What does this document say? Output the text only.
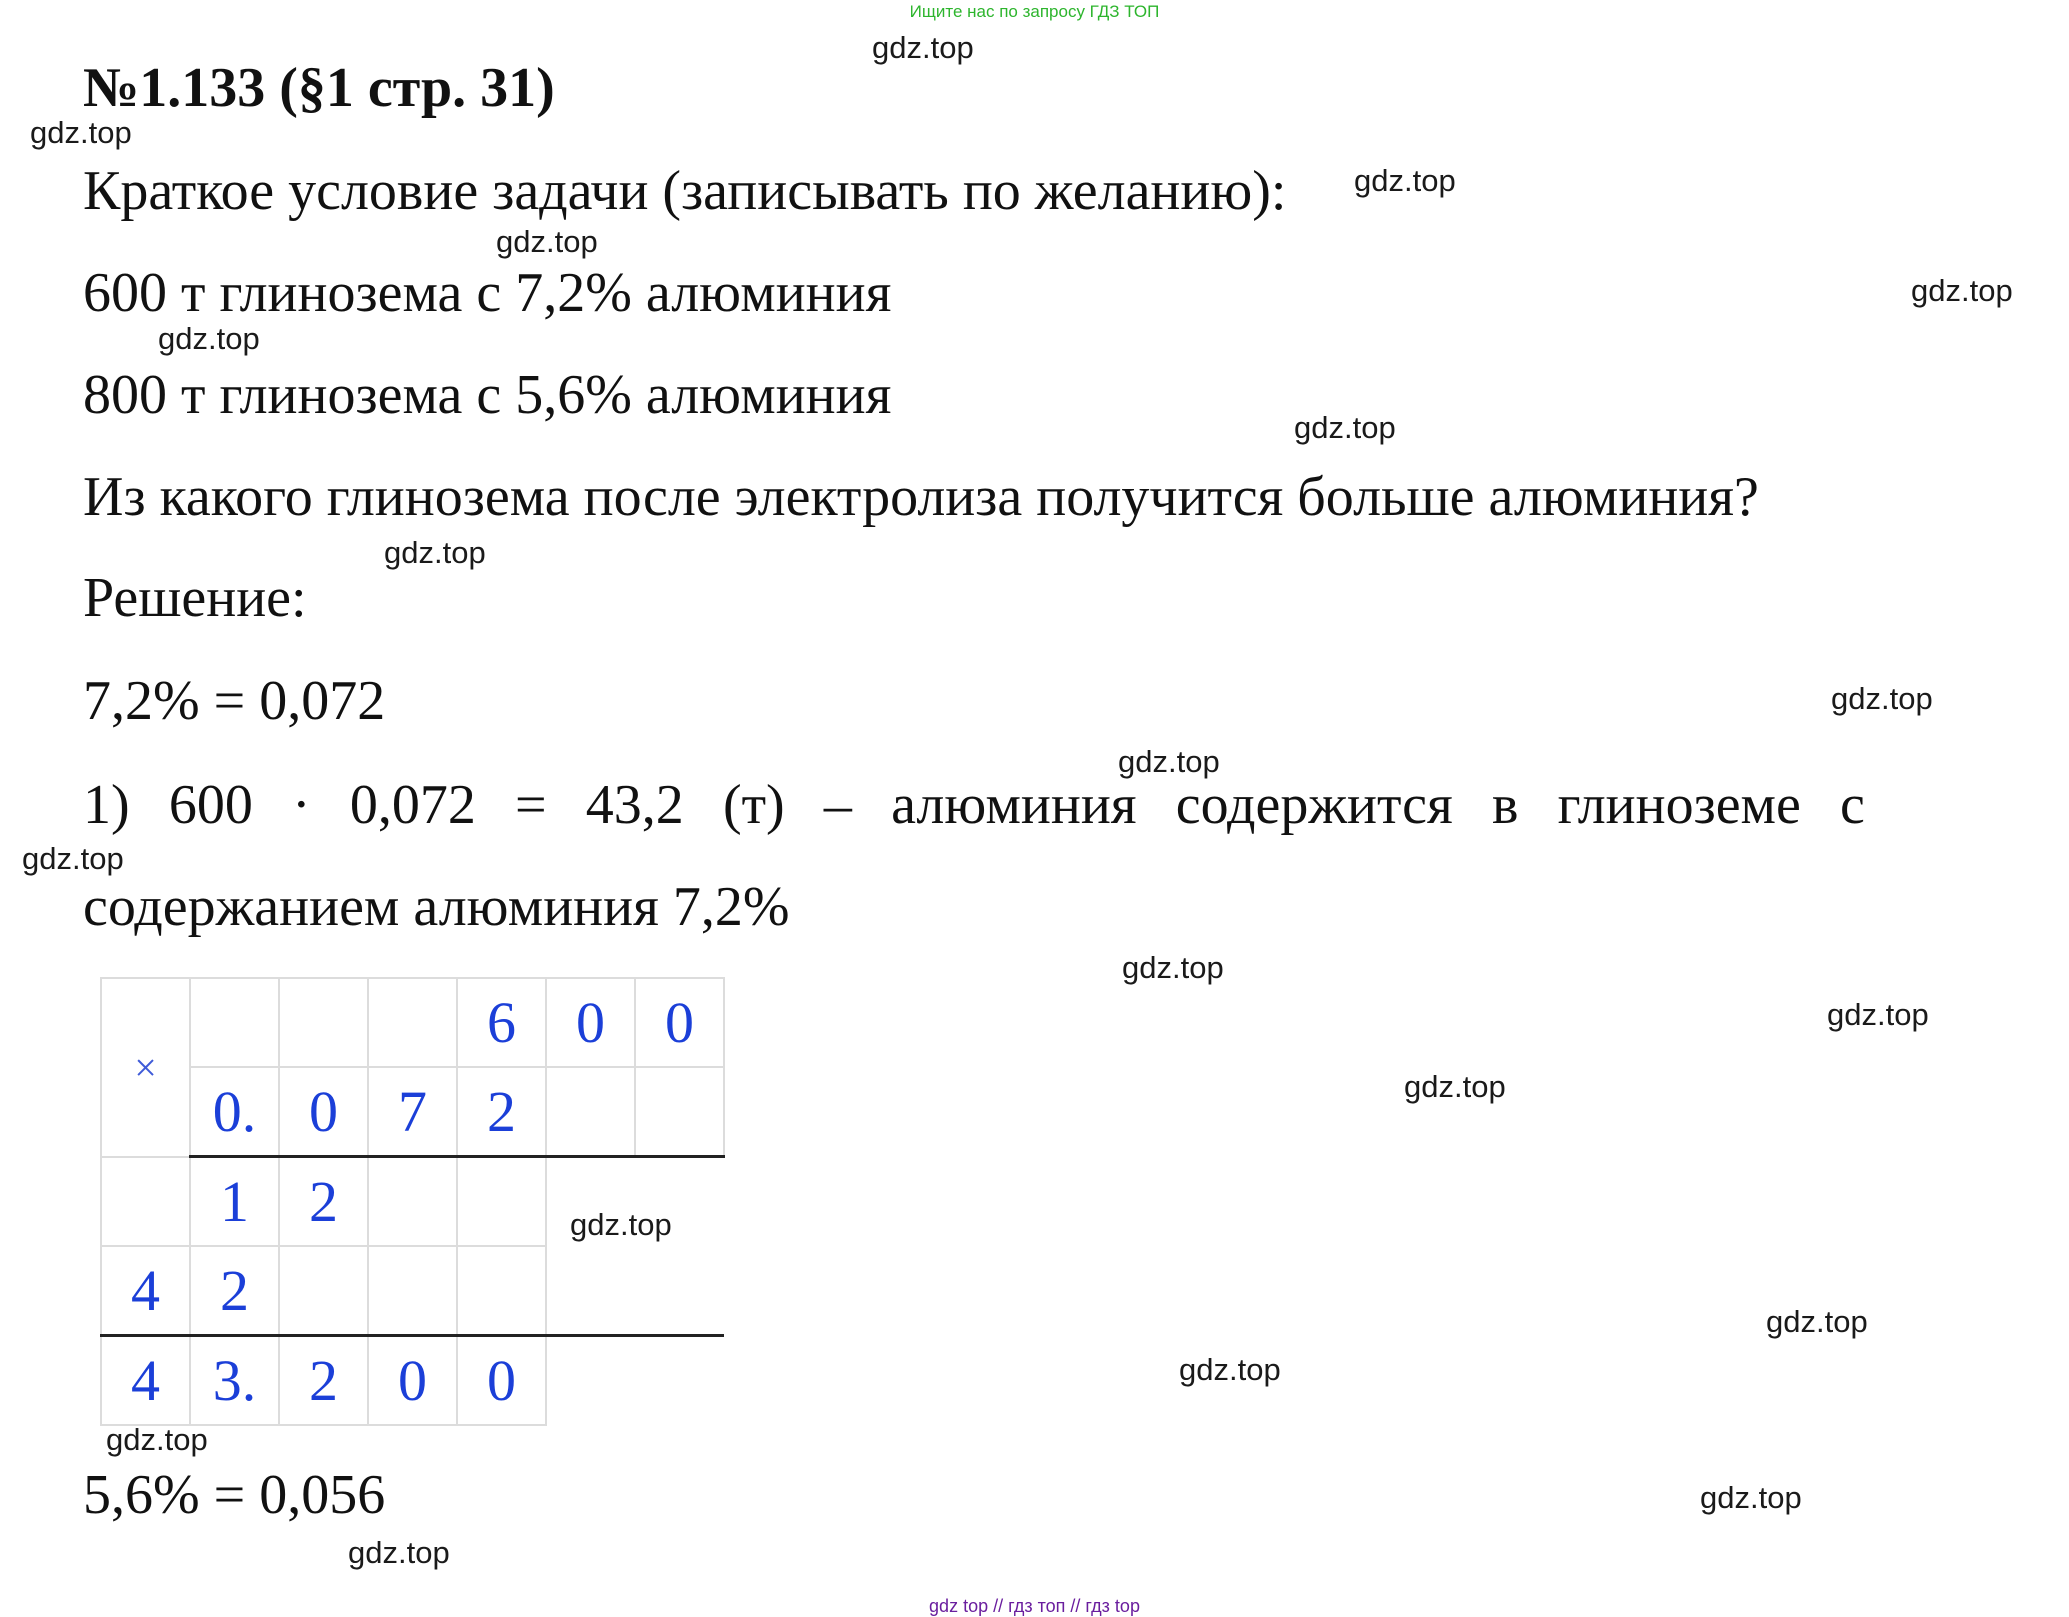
Ищите нас по запросу ГДЗ ТОП
№1.133 (§1 стр. 31)
Краткое условие задачи (записывать по желанию):
600 т глинозема с 7,2% алюминия
800 т глинозема с 5,6% алюминия
Из какого глинозема после электролиза получится больше алюминия?
Решение:
7,2% = 0,072
1) 600 · 0,072 = 43,2 (т) – алюминия содержится в глиноземе с
содержанием алюминия 7,2%
×				6	0	0
	0.	0	7	2		
	1	2				
4	2					
4	3.	2	0	0		
5,6% = 0,056
gdz.top
gdz.top
gdz.top
gdz.top
gdz.top
gdz.top
gdz.top
gdz.top
gdz.top
gdz.top
gdz.top
gdz.top
gdz.top
gdz.top
gdz.top
gdz.top
gdz.top
gdz.top
gdz.top
gdz.top
gdz top // гдз топ // гдз top
